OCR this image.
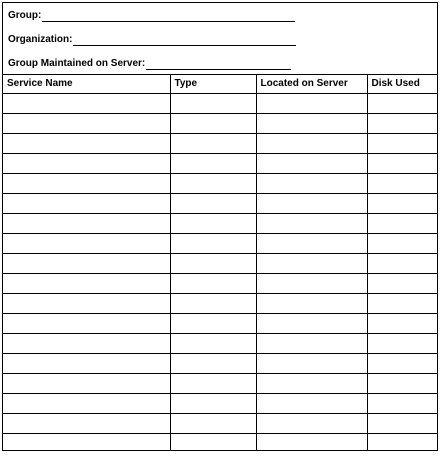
Group:
Organization:
Group Maintained on Server:
Service Name	Type	Located on Server	Disk Used
